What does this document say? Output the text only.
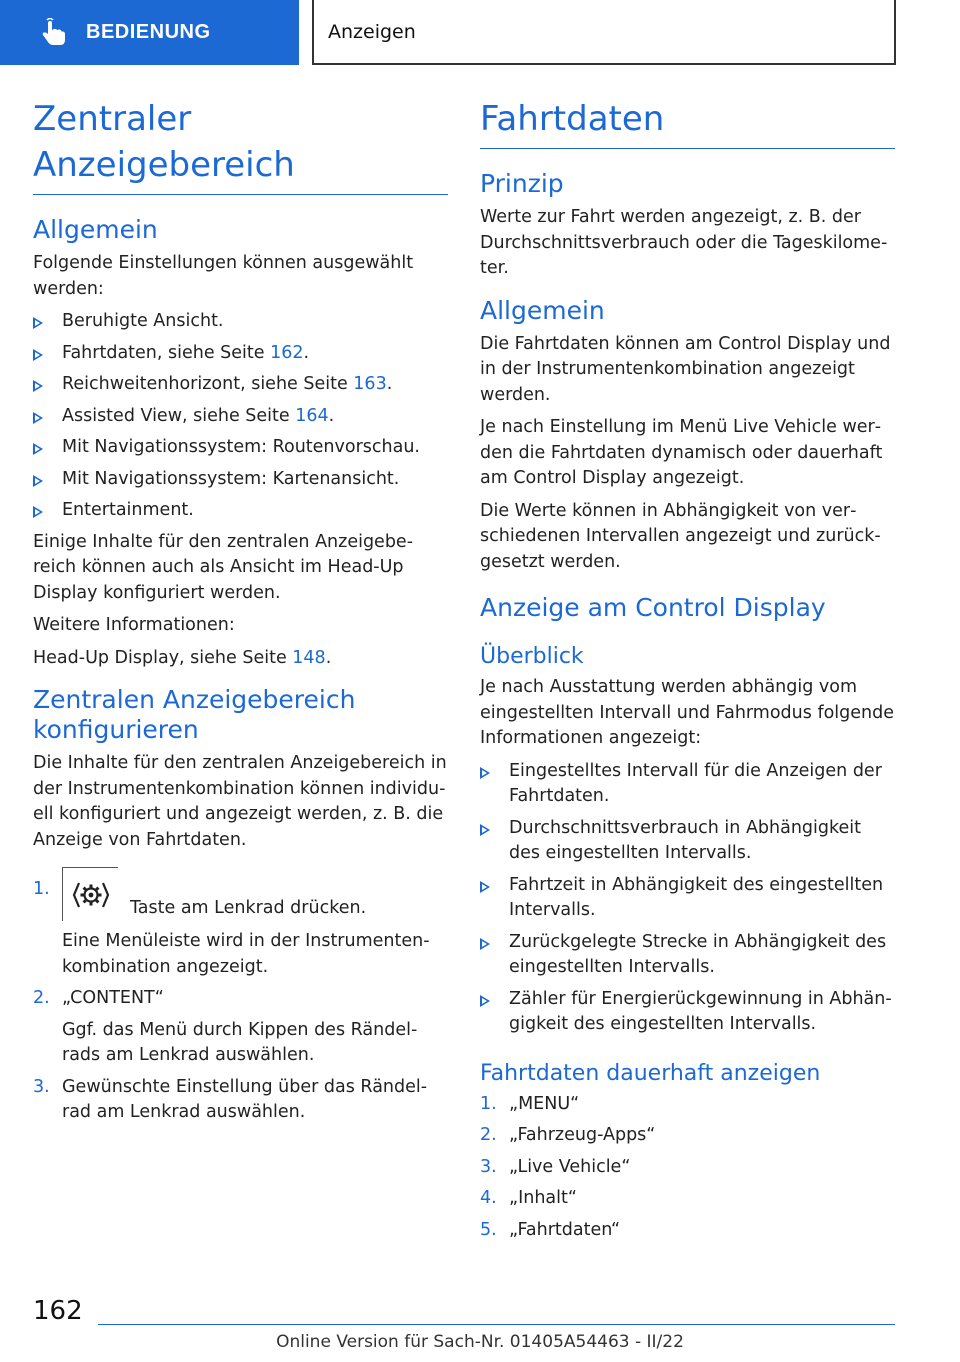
BEDIENUNG	Anzeigen
Zentraler Anzeigebereich
Allgemein

Folgende Einstellungen können ausgewählt werden:

Beruhigte Ansicht.
Fahrtdaten, siehe Seite 162.
Reichweitenhorizont, siehe Seite 163.
Assisted View, siehe Seite 164.
Mit Navigationssystem: Routenvorschau.
Mit Navigationssystem: Kartenansicht.
Entertainment.

Einige Inhalte für den zentralen Anzeigebereich können auch als Ansicht im Head-Up Display konfiguriert werden.

Weitere Informationen:

Head-Up Display, siehe Seite 148.

Zentralen Anzeigebereich konfigurieren

Die Inhalte für den zentralen Anzeigebereich in der Instrumentenkombination können individuell konfiguriert und angezeigt werden, z. B. die Anzeige von Fahrtdaten.

1.
Taste am Lenkrad drücken.

Eine Menüleiste wird in der Instrumentenkombination angezeigt.

2. „CONTENT“

Ggf. das Menü durch Kippen des Rändelrads am Lenkrad auswählen.

3. Gewünschte Einstellung über das Rändelrad am Lenkrad auswählen.

Fahrtdaten
Prinzip

Werte zur Fahrt werden angezeigt, z. B. der Durchschnittsverbrauch oder die Tageskilometer.

Allgemein

Die Fahrtdaten können am Control Display und in der Instrumentenkombination angezeigt werden.

Je nach Einstellung im Menü Live Vehicle werden die Fahrtdaten dynamisch oder dauerhaft am Control Display angezeigt.

Die Werte können in Abhängigkeit von verschiedenen Intervallen angezeigt und zurückgesetzt werden.

Anzeige am Control Display
Überblick

Je nach Ausstattung werden abhängig vom eingestellten Intervall und Fahrmodus folgende Informationen angezeigt:

Eingestelltes Intervall für die Anzeigen der Fahrtdaten.
Durchschnittsverbrauch in Abhängigkeit des eingestellten Intervalls.
Fahrtzeit in Abhängigkeit des eingestellten Intervalls.
Zurückgelegte Strecke in Abhängigkeit des eingestellten Intervalls.
Zähler für Energierückgewinnung in Abhängigkeit des eingestellten Intervalls.
Fahrtdaten dauerhaft anzeigen
1. „MENU“
2. „Fahrzeug-Apps“
3. „Live Vehicle“
4. „Inhalt“
5. „Fahrtdaten“
162
Online Version für Sach-Nr. 01405A54463 - II/22
